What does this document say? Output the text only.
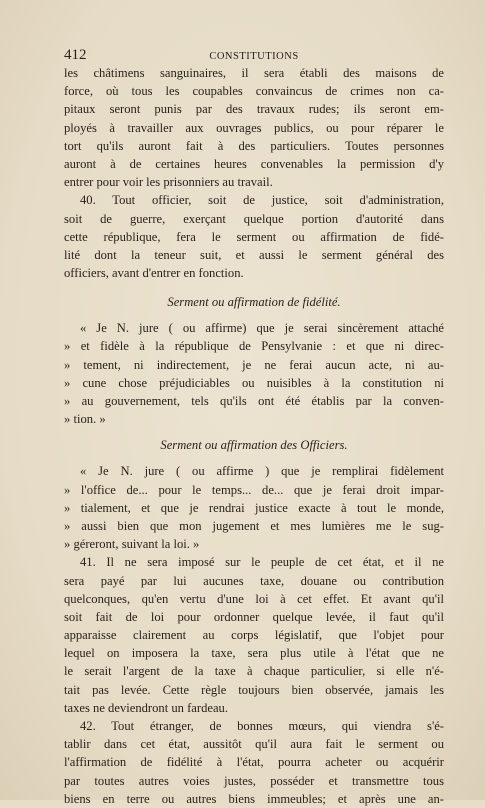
412	CONSTITUTIONS
les châtimens sanguinaires, il sera établi des maisons de
force, où tous les coupables convaincus de crimes non ca-
pitaux seront punis par des travaux rudes; ils seront em-
ployés à travailler aux ouvrages publics, ou pour réparer le
tort qu'ils auront fait à des particuliers. Toutes personnes
auront à de certaines heures convenables la permission d'y
entrer pour voir les prisonniers au travail.
40. Tout officier, soit de justice, soit d'administration,
soit de guerre, exerçant quelque portion d'autorité dans
cette république, fera le serment ou affirmation de fidé-
lité dont la teneur suit, et aussi le serment général des
officiers, avant d'entrer en fonction.
Serment ou affirmation de fidélité.
« Je N. jure ( ou affirme) que je serai sincèrement attaché
» et fidèle à la république de Pensylvanie : et que ni direc-
» tement, ni indirectement, je ne ferai aucun acte, ni au-
» cune chose préjudiciables ou nuisibles à la constitution ni
» au gouvernement, tels qu'ils ont été établis par la conven-
» tion. »
Serment ou affirmation des Officiers.
« Je N. jure ( ou affirme ) que je remplirai fidèlement
» l'office de... pour le temps... de... que je ferai droit impar-
» tialement, et que je rendrai justice exacte à tout le monde,
» aussi bien que mon jugement et mes lumières me le sug-
» géreront, suivant la loi. »
41. Il ne sera imposé sur le peuple de cet état, et il ne
sera payé par lui aucunes taxe, douane ou contribution
quelconques, qu'en vertu d'une loi à cet effet. Et avant qu'il
soit fait de loi pour ordonner quelque levée, il faut qu'il
apparaisse clairement au corps législatif, que l'objet pour
lequel on imposera la taxe, sera plus utile à l'état que ne
le serait l'argent de la taxe à chaque particulier, si elle n'é-
tait pas levée. Cette règle toujours bien observée, jamais les
taxes ne deviendront un fardeau.
42. Tout étranger, de bonnes mœurs, qui viendra s'é-
tablir dans cet état, aussitôt qu'il aura fait le serment ou
l'affirmation de fidélité à l'état, pourra acheter ou acquérir
par toutes autres voies justes, posséder et transmettre tous
biens en terre ou autres biens immeubles; et après une an-
